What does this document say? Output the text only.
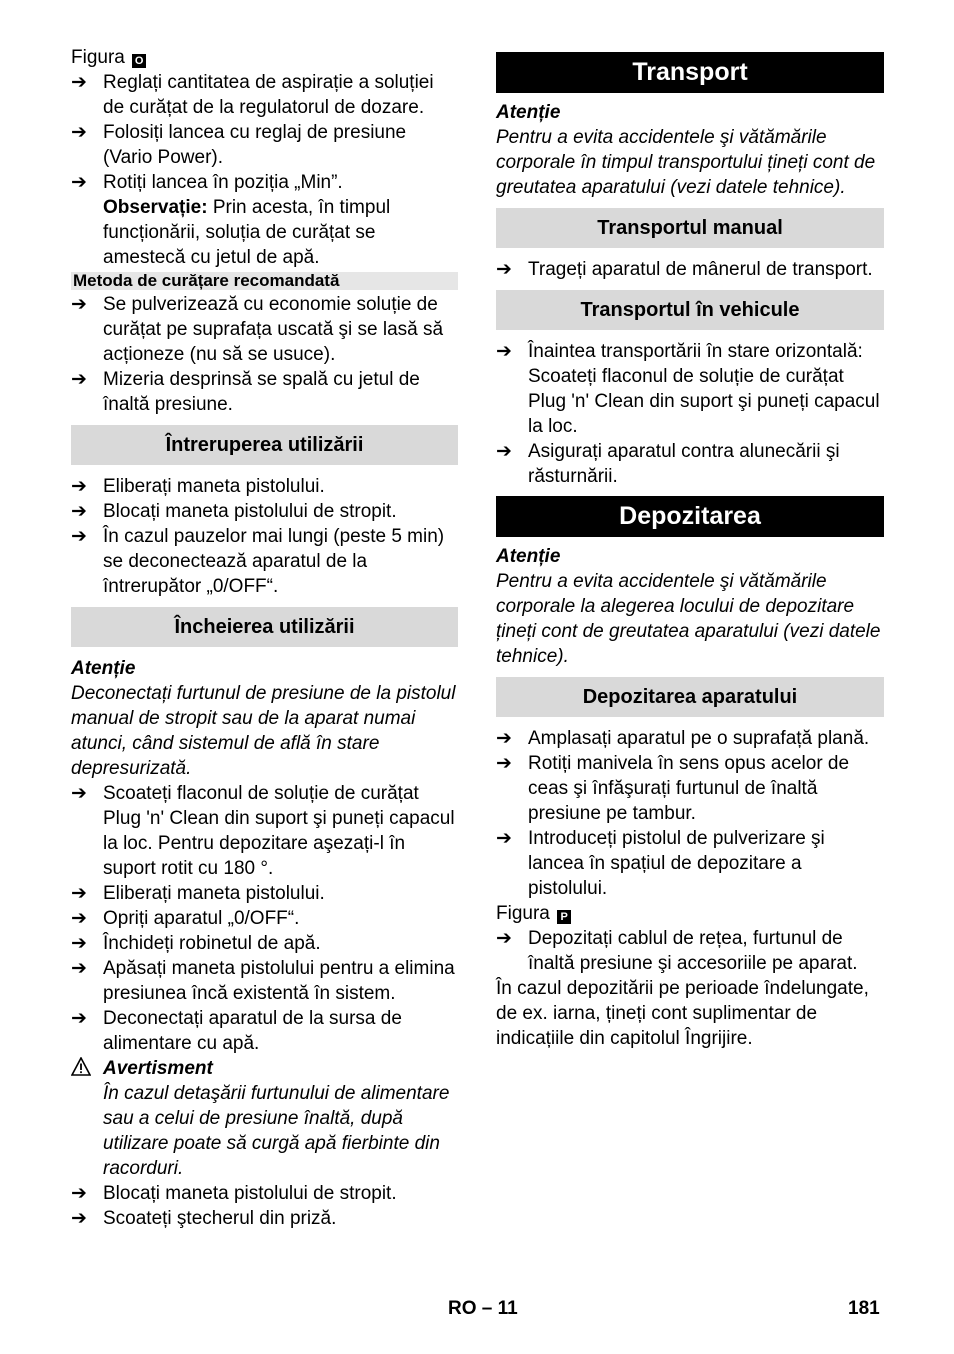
Figura O
➔ Reglați cantitatea de aspirație a soluției de curățat de la regulatorul de dozare.
➔ Folosiți lancea cu reglaj de presiune (Vario Power).
➔ Rotiți lancea în poziția „Min”.
Observație: Prin acesta, în timpul funcționării, soluția de curățat se amestecă cu jetul de apă.
Metoda de curățare recomandată
➔ Se pulverizează cu economie soluție de curățat pe suprafața uscată şi se lasă să acționeze (nu să se usuce).
➔ Mizeria desprinsă se spală cu jetul de înaltă presiune.
Întreruperea utilizării
➔ Eliberați maneta pistolului.
➔ Blocați maneta pistolului de stropit.
➔ În cazul pauzelor mai lungi (peste 5 min) se deconectează aparatul de la întrerupător „0/OFF“.
Încheierea utilizării
Atenție
Deconectați furtunul de presiune de la pistolul manual de stropit sau de la aparat numai atunci, când sistemul de află în stare depresurizată.
➔ Scoateți flaconul de soluție de curățat Plug 'n' Clean din suport şi puneți capacul la loc. Pentru depozitare aşezați-l în suport rotit cu 180 °.
➔ Eliberați maneta pistolului.
➔ Opriți aparatul „0/OFF“.
➔ Închideți robinetul de apă.
➔ Apăsați maneta pistolului pentru a elimina presiunea încă existentă în sistem.
➔ Deconectați aparatul de la sursa de alimentare cu apă.
Avertisment
În cazul detaşării furtunului de alimentare sau a celui de presiune înaltă, după utilizare poate să curgă apă fierbinte din racorduri.
➔ Blocați maneta pistolului de stropit.
➔ Scoateți ştecherul din priză.
Transport
Atenție
Pentru a evita accidentele şi vătămările corporale în timpul transportului țineți cont de greutatea aparatului (vezi datele tehnice).
Transportul manual
➔ Trageți aparatul de mânerul de transport.
Transportul în vehicule
➔ Înaintea transportării în stare orizontală: Scoateți flaconul de soluție de curățat Plug 'n' Clean din suport şi puneți capacul la loc.
➔ Asigurați aparatul contra alunecării şi răsturnării.
Depozitarea
Atenție
Pentru a evita accidentele şi vătămările corporale la alegerea locului de depozitare țineți cont de greutatea aparatului (vezi datele tehnice).
Depozitarea aparatului
➔ Amplasați aparatul pe o suprafață plană.
➔ Rotiți manivela în sens opus acelor de ceas şi înfăşurați furtunul de înaltă presiune pe tambur.
➔ Introduceți pistolul de pulverizare şi lancea în spațiul de depozitare a pistolului.
Figura P
➔ Depozitați cablul de rețea, furtunul de înaltă presiune şi accesoriile pe aparat.
În cazul depozitării pe perioade îndelungate, de ex. iarna, țineți cont suplimentar de indicațiile din capitolul Îngrijire.
RO – 11	181
